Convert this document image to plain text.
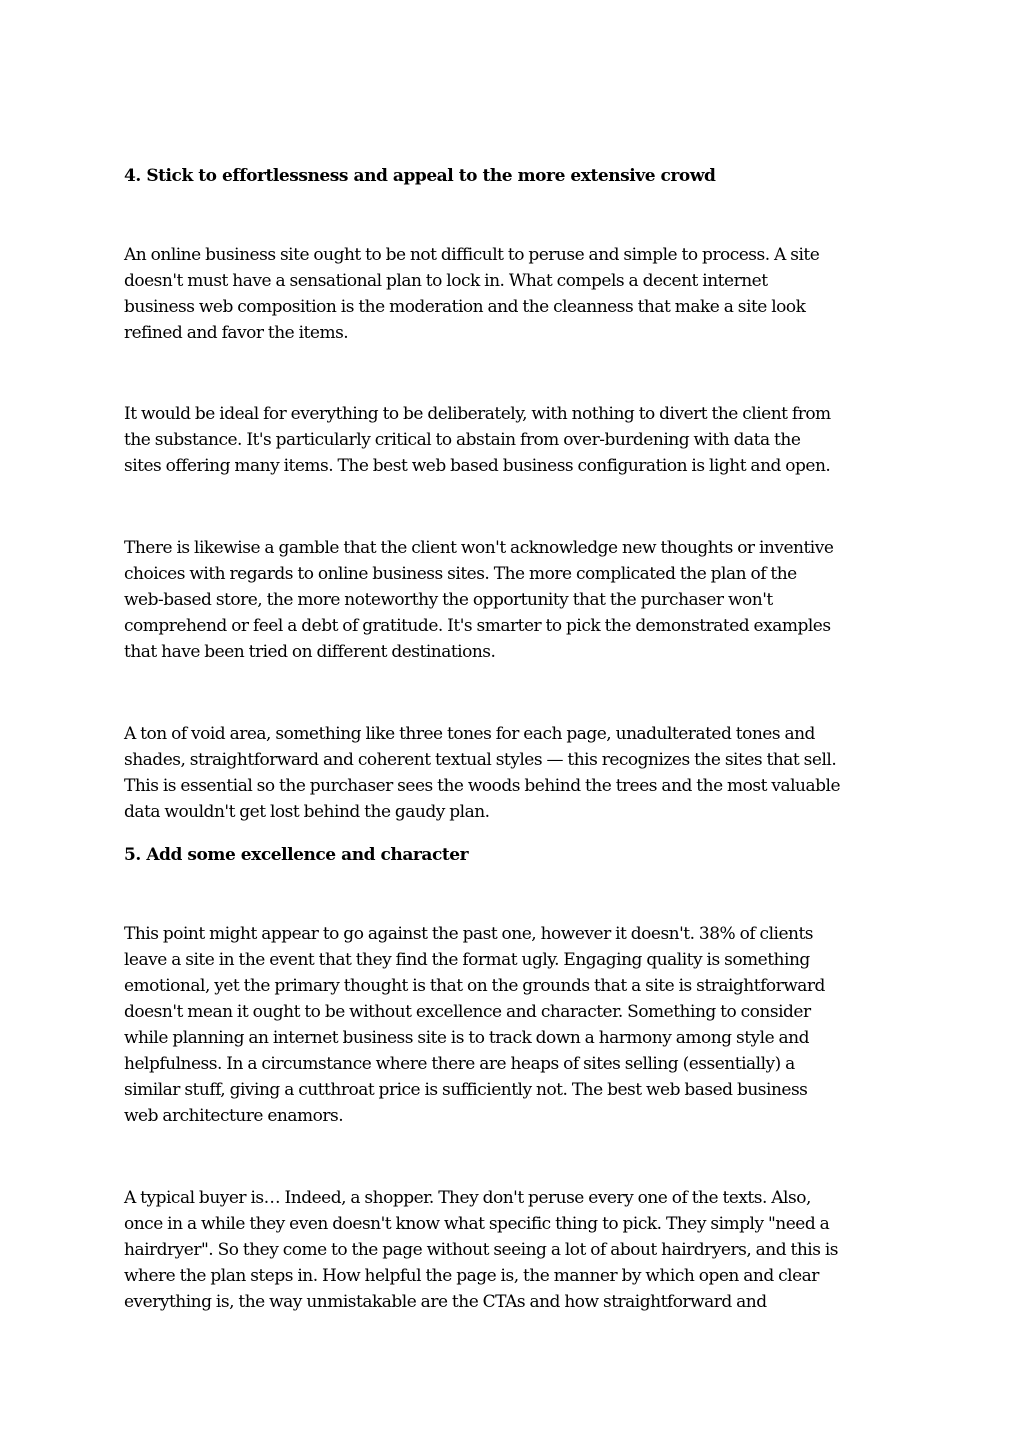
4. Stick to effortlessness and appeal to the more extensive crowd

An online business site ought to be not difficult to peruse and simple to process. A site
doesn't must have a sensational plan to lock in. What compels a decent internet
business web composition is the moderation and the cleanness that make a site look
refined and favor the items.

It would be ideal for everything to be deliberately, with nothing to divert the client from
the substance. It's particularly critical to abstain from over-burdening with data the
sites offering many items. The best web based business configuration is light and open.

There is likewise a gamble that the client won't acknowledge new thoughts or inventive
choices with regards to online business sites. The more complicated the plan of the
web-based store, the more noteworthy the opportunity that the purchaser won't
comprehend or feel a debt of gratitude. It's smarter to pick the demonstrated examples
that have been tried on different destinations.

A ton of void area, something like three tones for each page, unadulterated tones and
shades, straightforward and coherent textual styles — this recognizes the sites that sell.
This is essential so the purchaser sees the woods behind the trees and the most valuable
data wouldn't get lost behind the gaudy plan.

5. Add some excellence and character

This point might appear to go against the past one, however it doesn't. 38% of clients
leave a site in the event that they find the format ugly. Engaging quality is something
emotional, yet the primary thought is that on the grounds that a site is straightforward
doesn't mean it ought to be without excellence and character. Something to consider
while planning an internet business site is to track down a harmony among style and
helpfulness. In a circumstance where there are heaps of sites selling (essentially) a
similar stuff, giving a cutthroat price is sufficiently not. The best web based business
web architecture enamors.

A typical buyer is… Indeed, a shopper. They don't peruse every one of the texts. Also,
once in a while they even doesn't know what specific thing to pick. They simply "need a
hairdryer". So they come to the page without seeing a lot of about hairdryers, and this is
where the plan steps in. How helpful the page is, the manner by which open and clear
everything is, the way unmistakable are the CTAs and how straightforward and
